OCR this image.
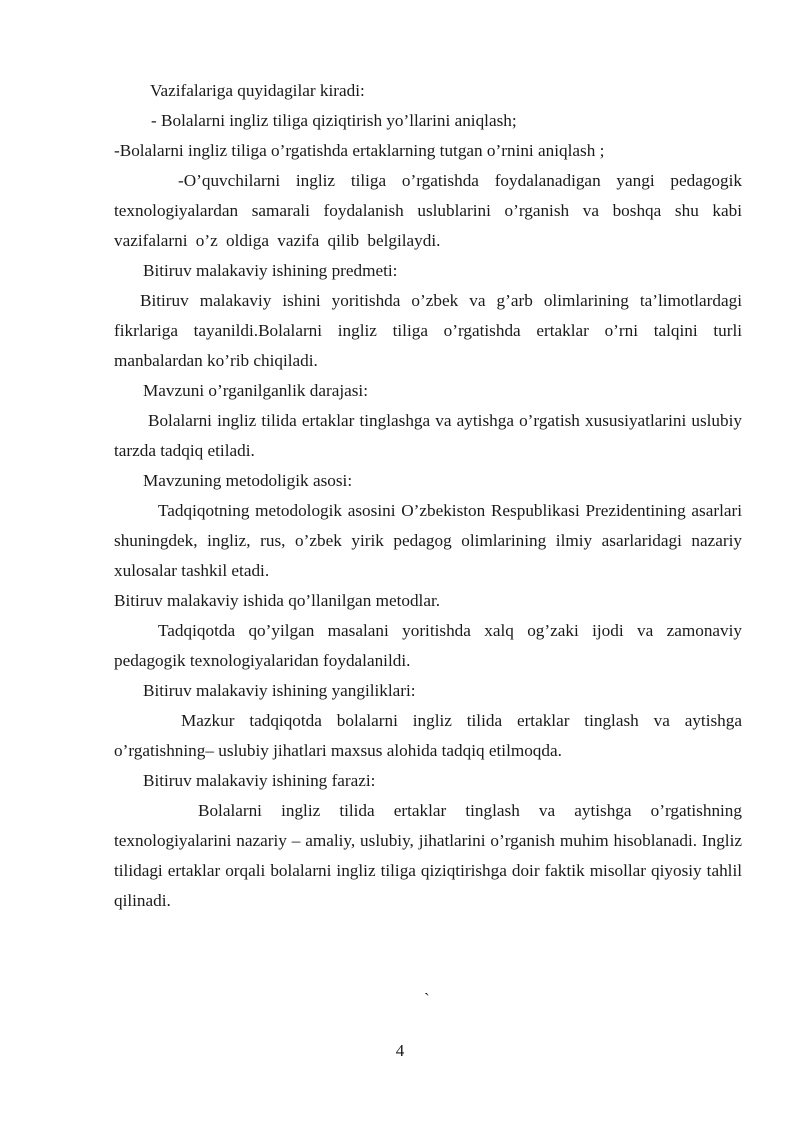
Vazifalariga quyidagilar kiradi:

- Bolalarni ingliz tiliga qiziqtirish yo’llarini aniqlash;

-Bolalarni ingliz tiliga o’rgatishda ertaklarning tutgan o’rnini aniqlash ;

-O’quvchilarni ingliz tiliga o’rgatishda foydalanadigan yangi pedagogik texnologiyalardan samarali foydalanish uslublarini o’rganish va boshqa shu kabi vazifalarni o’z oldiga vazifa qilib belgilaydi.

Bitiruv malakaviy ishining predmeti:

Bitiruv malakaviy ishini yoritishda o’zbek va g’arb olimlarining ta’limotlardagi fikrlariga tayanildi.Bolalarni ingliz tiliga o’rgatishda ertaklar o’rni talqini turli manbalardan ko’rib chiqiladi.

Mavzuni o’rganilganlik darajasi:

Bolalarni ingliz tilida ertaklar tinglashga va aytishga o’rgatish xususiyatlarini uslubiy tarzda tadqiq etiladi.

Mavzuning metodoligik asosi:

Tadqiqotning metodologik asosini O’zbekiston Respublikasi Prezidentining asarlari shuningdek, ingliz, rus, o’zbek yirik pedagog olimlarining ilmiy asarlaridagi nazariy xulosalar tashkil etadi.

Bitiruv malakaviy ishida qo’llanilgan metodlar.

Tadqiqotda qo’yilgan masalani yoritishda xalq og’zaki ijodi va zamonaviy pedagogik texnologiyalaridan foydalanildi.

Bitiruv malakaviy ishining yangiliklari:

Mazkur tadqiqotda bolalarni ingliz tilida ertaklar tinglash va aytishga o’rgatishning– uslubiy jihatlari maxsus alohida tadqiq etilmoqda.

Bitiruv malakaviy ishining farazi:

Bolalarni ingliz tilida ertaklar tinglash va aytishga o’rgatishning texnologiyalarini nazariy – amaliy, uslubiy, jihatlarini o’rganish muhim hisoblanadi. Ingliz tilidagi ertaklar orqali bolalarni ingliz tiliga qiziqtirishga doir faktik misollar qiyosiy tahlil qilinadi.

`
4
